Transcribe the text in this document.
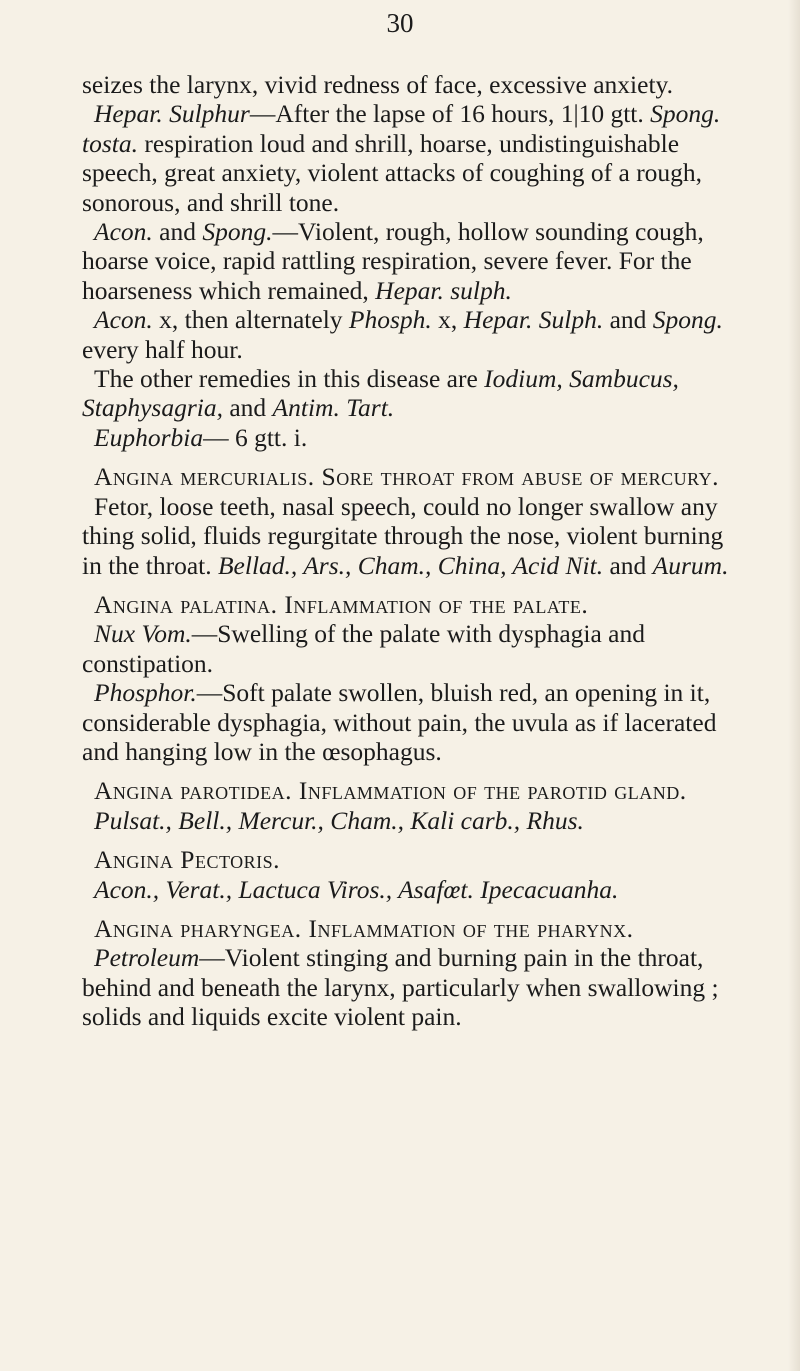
30

seizes the larynx, vivid redness of face, excessive anxiety.

Hepar. Sulphur—After the lapse of 16 hours, 1|10 gtt. Spong. tosta. respiration loud and shrill, hoarse, undistinguishable speech, great anxiety, violent attacks of coughing of a rough, sonorous, and shrill tone.

Acon. and Spong.—Violent, rough, hollow sounding cough, hoarse voice, rapid rattling respiration, severe fever. For the hoarseness which remained, Hepar. sulph.

Acon. x, then alternately Phosph. x, Hepar. Sulph. and Spong. every half hour.

The other remedies in this disease are Iodium, Sambucus, Staphysagria, and Antim. Tart.

Euphorbia— 6 gtt. i.

Angina mercurialis. Sore throat from abuse of mercury.

Fetor, loose teeth, nasal speech, could no longer swallow any thing solid, fluids regurgitate through the nose, violent burning in the throat. Bellad., Ars., Cham., China, Acid Nit. and Aurum.

Angina palatina. Inflammation of the palate.

Nux Vom.—Swelling of the palate with dysphagia and constipation.

Phosphor.—Soft palate swollen, bluish red, an opening in it, considerable dysphagia, without pain, the uvula as if lacerated and hanging low in the œsophagus.

Angina parotidea. Inflammation of the parotid gland.

Pulsat., Bell., Mercur., Cham., Kali carb., Rhus.

Angina Pectoris.

Acon., Verat., Lactuca Viros., Asafœt. Ipecacuanha.

Angina pharyngea. Inflammation of the pharynx.

Petroleum—Violent stinging and burning pain in the throat, behind and beneath the larynx, particularly when swallowing ; solids and liquids excite violent pain.
